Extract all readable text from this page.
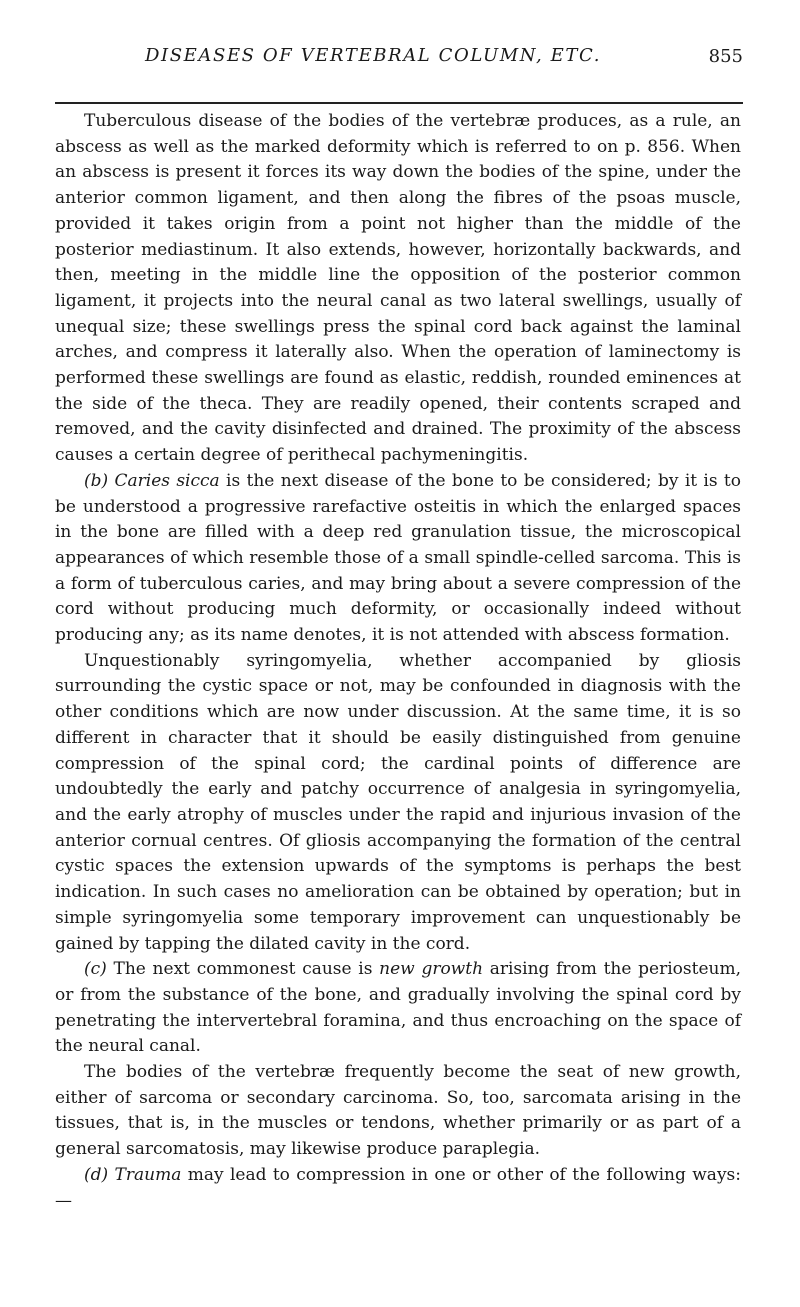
DISEASES OF VERTEBRAL COLUMN, ETC.	855

Tuberculous disease of the bodies of the vertebræ produces, as a rule, an abscess as well as the marked deformity which is referred to on p. 856. When an abscess is present it forces its way down the bodies of the spine, under the anterior common ligament, and then along the fibres of the psoas muscle, provided it takes origin from a point not higher than the middle of the posterior mediastinum. It also extends, however, horizontally backwards, and then, meeting in the middle line the opposition of the posterior common ligament, it projects into the neural canal as two lateral swellings, usually of unequal size; these swellings press the spinal cord back against the laminal arches, and compress it laterally also. When the operation of laminectomy is performed these swellings are found as elastic, reddish, rounded eminences at the side of the theca. They are readily opened, their contents scraped and removed, and the cavity disinfected and drained. The proximity of the abscess causes a certain degree of perithecal pachymeningitis.

(b) Caries sicca is the next disease of the bone to be considered; by it is to be understood a progressive rarefactive osteitis in which the enlarged spaces in the bone are filled with a deep red granulation tissue, the microscopical appearances of which resemble those of a small spindle-celled sarcoma. This is a form of tuberculous caries, and may bring about a severe compression of the cord without producing much deformity, or occasionally indeed without producing any; as its name denotes, it is not attended with abscess formation.

Unquestionably syringomyelia, whether accompanied by gliosis surrounding the cystic space or not, may be confounded in diagnosis with the other conditions which are now under discussion. At the same time, it is so different in character that it should be easily distinguished from genuine compression of the spinal cord; the cardinal points of difference are undoubtedly the early and patchy occurrence of analgesia in syringomyelia, and the early atrophy of muscles under the rapid and injurious invasion of the anterior cornual centres. Of gliosis accompanying the formation of the central cystic spaces the extension upwards of the symptoms is perhaps the best indication. In such cases no amelioration can be obtained by operation; but in simple syringomyelia some temporary improvement can unquestionably be gained by tapping the dilated cavity in the cord.

(c) The next commonest cause is new growth arising from the periosteum, or from the substance of the bone, and gradually involving the spinal cord by penetrating the intervertebral foramina, and thus encroaching on the space of the neural canal.

The bodies of the vertebræ frequently become the seat of new growth, either of sarcoma or secondary carcinoma. So, too, sarcomata arising in the tissues, that is, in the muscles or tendons, whether primarily or as part of a general sarcomatosis, may likewise produce paraplegia.

(d) Trauma may lead to compression in one or other of the following ways:—
